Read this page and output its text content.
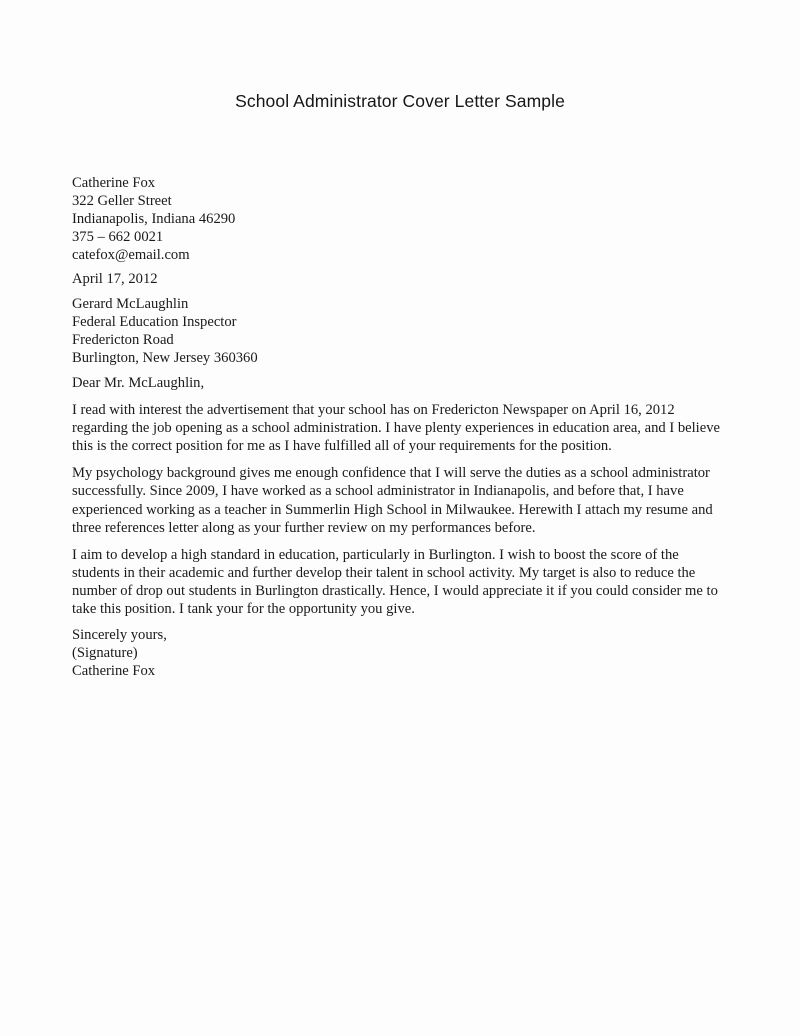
School Administrator Cover Letter Sample
Catherine Fox
322 Geller Street
Indianapolis, Indiana 46290
375 – 662 0021
catefox@email.com
April 17, 2012
Gerard McLaughlin
Federal Education Inspector
Fredericton Road
Burlington, New Jersey 360360

Dear Mr. McLaughlin,

I read with interest the advertisement that your school has on Fredericton Newspaper on April 16, 2012 regarding the job opening as a school administration. I have plenty experiences in education area, and I believe this is the correct position for me as I have fulfilled all of your requirements for the position.

My psychology background gives me enough confidence that I will serve the duties as a school administrator successfully. Since 2009, I have worked as a school administrator in Indianapolis, and before that, I have experienced working as a teacher in Summerlin High School in Milwaukee. Herewith I attach my resume and three references letter along as your further review on my performances before.

I aim to develop a high standard in education, particularly in Burlington. I wish to boost the score of the students in their academic and further develop their talent in school activity. My target is also to reduce the number of drop out students in Burlington drastically. Hence, I would appreciate it if you could consider me to take this position. I tank your for the opportunity you give.

Sincerely yours,
(Signature)
Catherine Fox
